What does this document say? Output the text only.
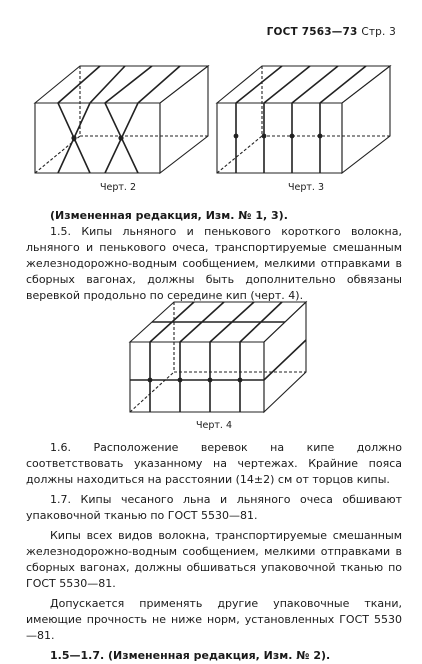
ГОСТ 7563—73 Стр. 3
Черт. 2	Черт. 3

(Измененная редакция, Изм. № 1, 3).

1.5. Кипы льняного и пенькового короткого волокна, льняного и пенькового очеса, транспортируемые смешанным железнодорожно-водным сообщением, мелкими отправками в сборных вагонах, должны быть дополнительно обвязаны веревкой продольно по середине кип (черт. 4).

Черт. 4

1.6. Расположение веревок на кипе должно соответствовать указанному на чертежах. Крайние пояса должны находиться на расстоянии (14±2) см от торцов кипы.

1.7. Кипы чесаного льна и льняного очеса обшивают упаковочной тканью по ГОСТ 5530—81.

Кипы всех видов волокна, транспортируемые смешанным железнодорожно-водным сообщением, мелкими отправками в сборных вагонах, должны обшиваться упаковочной тканью по ГОСТ 5530—81.

Допускается применять другие упаковочные ткани, имеющие прочность не ниже норм, установленных ГОСТ 5530—81.

1.5—1.7. (Измененная редакция, Изм. № 2).
